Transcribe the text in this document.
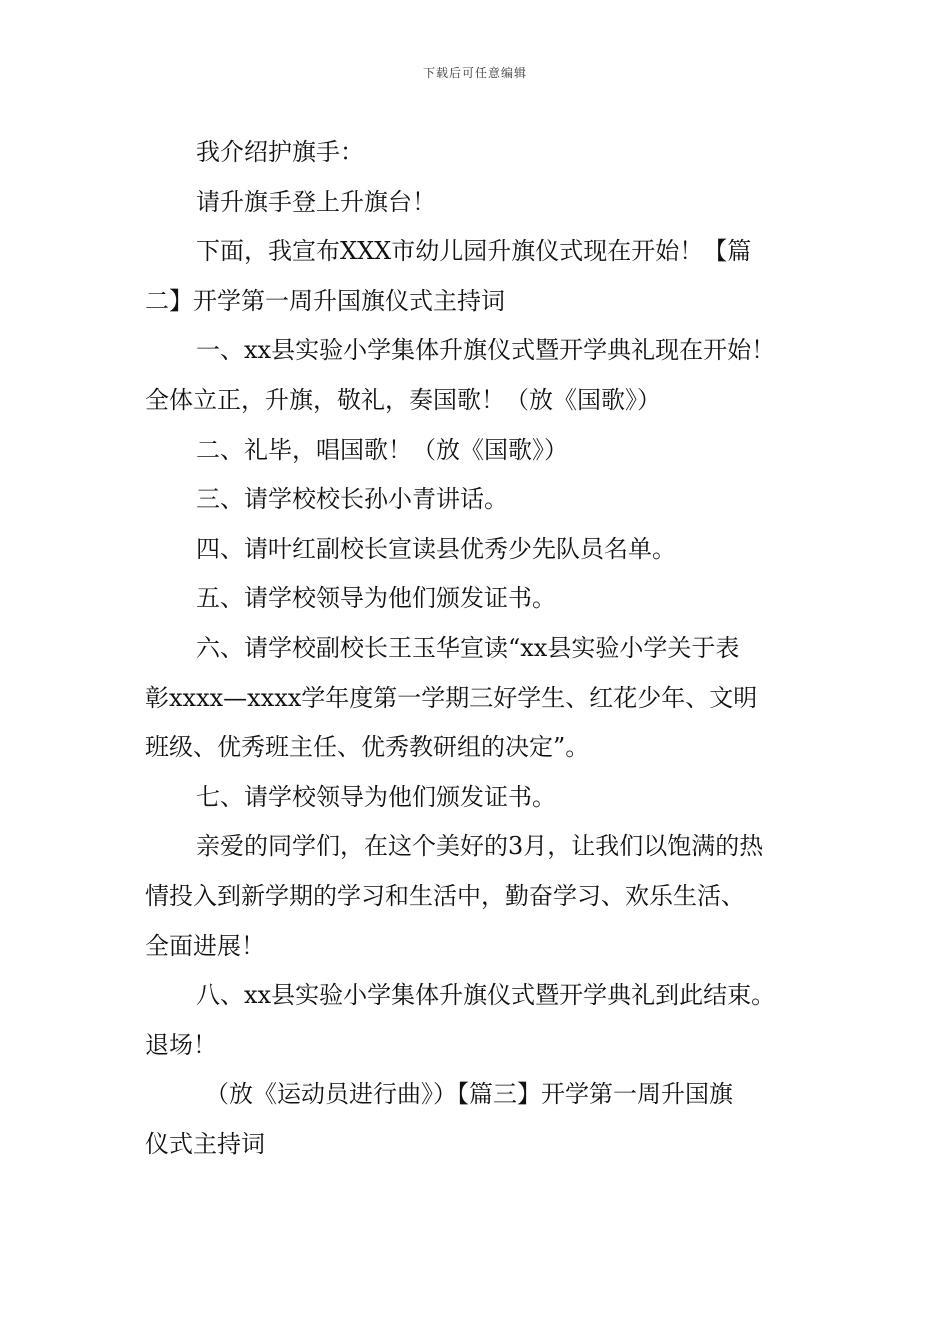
下载后可任意编辑
我介绍护旗手：
请升旗手登上升旗台！
下面，我宣布XXX市幼儿园升旗仪式现在开始！【篇
二】开学第一周升国旗仪式主持词
一、xx县实验小学集体升旗仪式暨开学典礼现在开始！
全体立正，升旗，敬礼，奏国歌！（放《国歌》）
二、礼毕，唱国歌！（放《国歌》）
三、请学校校长孙小青讲话。
四、请叶红副校长宣读县优秀少先队员名单。
五、请学校领导为他们颁发证书。
六、请学校副校长王玉华宣读“xx县实验小学关于表
彰xxxx—xxxx学年度第一学期三好学生、红花少年、文明
班级、优秀班主任、优秀教研组的决定”。
七、请学校领导为他们颁发证书。
亲爱的同学们，在这个美好的3月，让我们以饱满的热
情投入到新学期的学习和生活中，勤奋学习、欢乐生活、
全面进展！
八、xx县实验小学集体升旗仪式暨开学典礼到此结束。
退场！
（放《运动员进行曲》）【篇三】开学第一周升国旗
仪式主持词
